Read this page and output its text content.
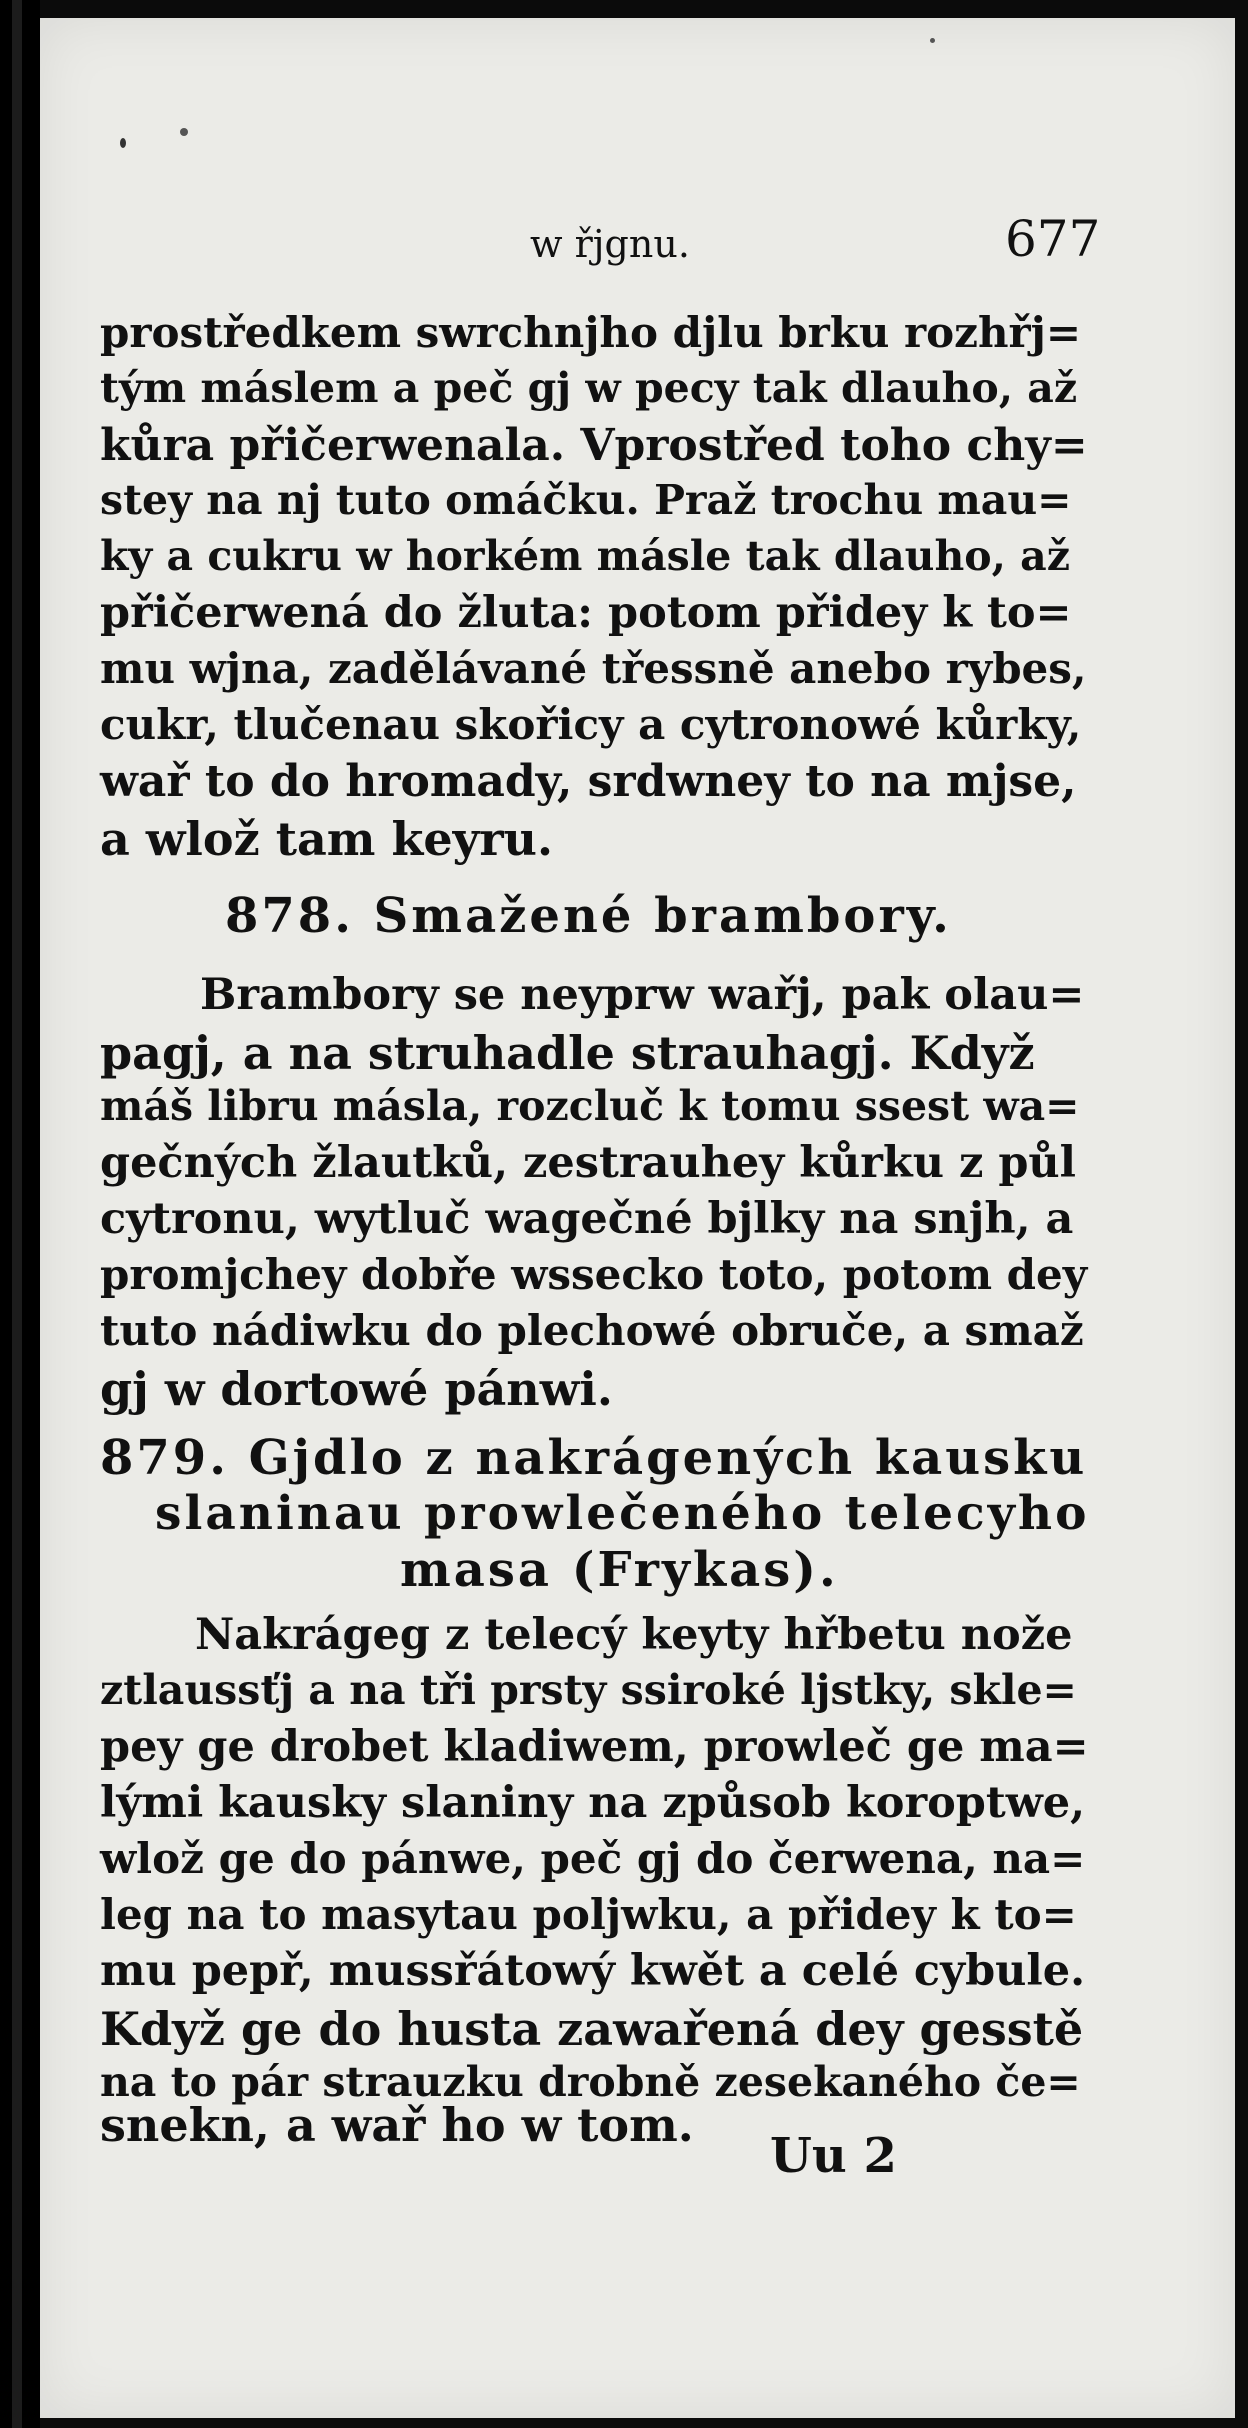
w řjgnu.	677
prostředkem swrchnjho djlu brku rozhřj=
tým máslem a peč gj w pecy tak dlauho, až
kůra přičerwenala. Vprostřed toho chy=
stey na nj tuto omáčku. Praž trochu mau=
ky a cukru w horkém másle tak dlauho, až
přičerwená do žluta: potom přidey k to=
mu wjna, zadělávané třessně anebo rybes,
cukr, tlučenau skořicy a cytronowé kůrky,
wař to do hromady, srdwney to na mjse,
a wlož tam keyru.
878. Smažené brambory.
Brambory se neyprw wařj, pak olau=
pagj, a na struhadle strauhagj. Když
máš libru másla, rozcluč k tomu ssest wa=
gečných žlautků, zestrauhey kůrku z půl
cytronu, wytluč wagečné bjlky na snjh, a
promjchey dobře wssecko toto, potom dey
tuto nádiwku do plechowé obruče, a smaž
gj w dortowé pánwi.
879. Gjdlo z nakrágených kausku
slaninau prowlečeného telecyho
masa (Frykas).
Nakrágeg z telecý keyty hřbetu nože
ztlaussťj a na tři prsty ssiroké ljstky, skle=
pey ge drobet kladiwem, prowleč ge ma=
lými kausky slaniny na způsob koroptwe,
wlož ge do pánwe, peč gj do čerwena, na=
leg na to masytau poljwku, a přidey k to=
mu pepř, mussřátowý kwět a celé cybule.
Když ge do husta zawařená dey gesstě
na to pár strauzku drobně zesekaného če=
snekn, a wař ho w tom.
Uu 2
